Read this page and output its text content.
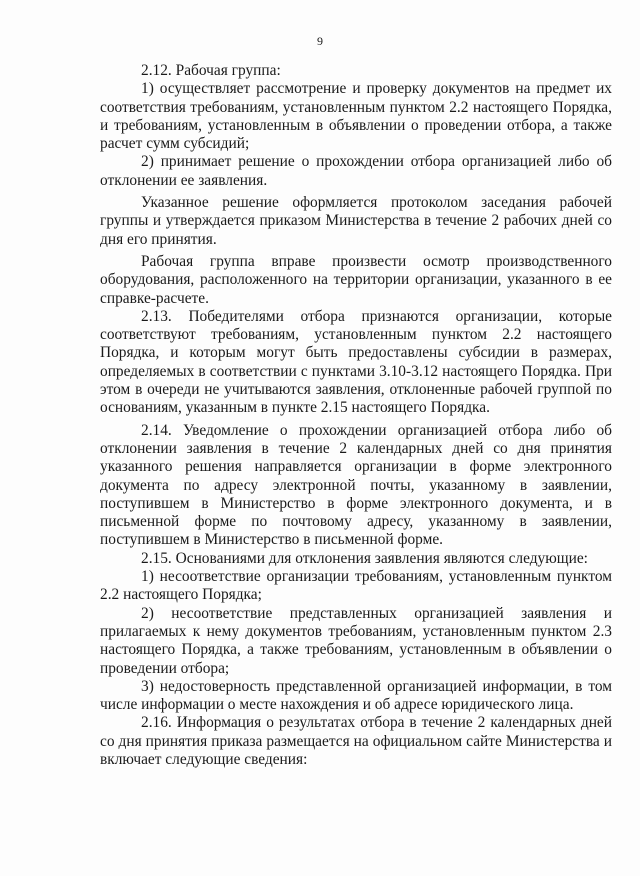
9

2.12. Рабочая группа:

1) осуществляет рассмотрение и проверку документов на предмет их соответствия требованиям, установленным пунктом 2.2 настоящего Порядка, и требованиям, установленным в объявлении о проведении отбора, а также расчет сумм субсидий;

2) принимает решение о прохождении отбора организацией либо об отклонении ее заявления.

Указанное решение оформляется протоколом заседания рабочей группы и утверждается приказом Министерства в течение 2 рабочих дней со дня его принятия.

Рабочая группа вправе произвести осмотр производственного оборудования, расположенного на территории организации, указанного в ее справке-расчете.

2.13. Победителями отбора признаются организации, которые соответствуют требованиям, установленным пунктом 2.2 настоящего Порядка, и которым могут быть предоставлены субсидии в размерах, определяемых в соответствии с пунктами 3.10-3.12 настоящего Порядка. При этом в очереди не учитываются заявления, отклоненные рабочей группой по основаниям, указанным в пункте 2.15 настоящего Порядка.

2.14. Уведомление о прохождении организацией отбора либо об отклонении заявления в течение 2 календарных дней со дня принятия указанного решения направляется организации в форме электронного документа по адресу электронной почты, указанному в заявлении, поступившем в Министерство в форме электронного документа, и в письменной форме по почтовому адресу, указанному в заявлении, поступившем в Министерство в письменной форме.

2.15. Основаниями для отклонения заявления являются следующие:

1) несоответствие организации требованиям, установленным пунктом 2.2 настоящего Порядка;

2) несоответствие представленных организацией заявления и прилагаемых к нему документов требованиям, установленным пунктом 2.3 настоящего Порядка, а также требованиям, установленным в объявлении о проведении отбора;

3) недостоверность представленной организацией информации, в том числе информации о месте нахождения и об адресе юридического лица.

2.16. Информация о результатах отбора в течение 2 календарных дней со дня принятия приказа размещается на официальном сайте Министерства и включает следующие сведения:
